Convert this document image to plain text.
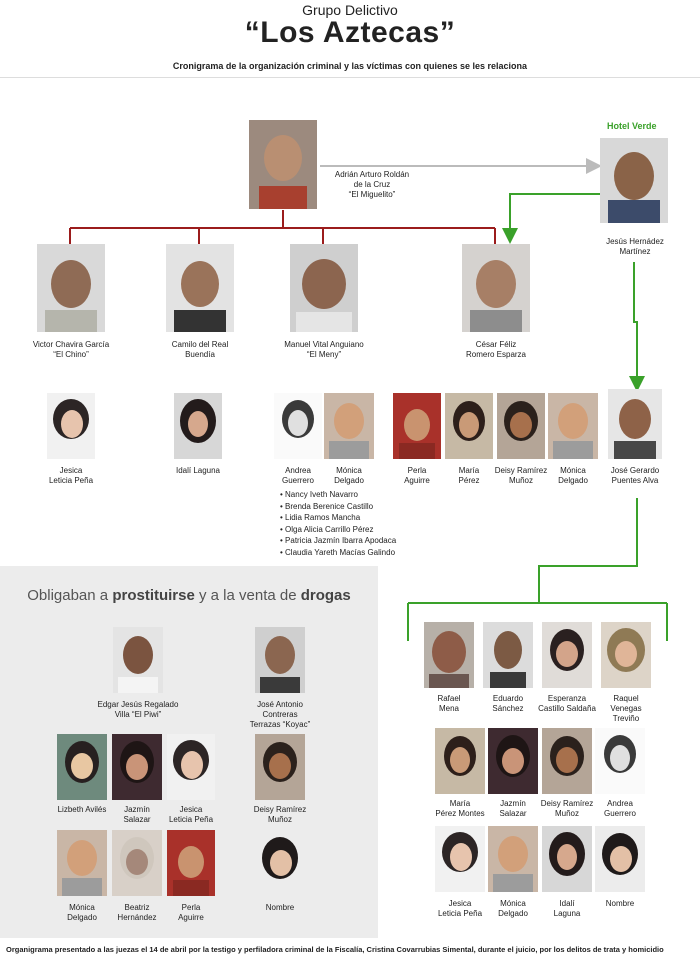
Grupo Delictivo
“Los Aztecas”
Cronigrama de la organización criminal y las víctimas con quienes se les relaciona
Obligaban a prostituirse y a la venta de drogas
Adrián Arturo Roldán
de la Cruz
“El Miguelito”
Hotel Verde
Jesús Hernádez
Martínez
Victor Chavira García
“El Chino”
Camilo del Real
Buendía
Manuel Vital Anguiano
“El Meny”
César Féliz
Romero Esparza
Jesica
Leticia Peña
Idalí Laguna	Andrea
Guerrero
Mónica
Delgado
Perla
Aguirre
María
Pérez
Deisy Ramírez
Muñoz
Mónica
Delgado
José Gerardo
Puentes Alva
• Nancy Iveth Navarro
• Brenda Berenice Castillo
• Lidia Ramos Mancha
• Olga Alicia Carrillo Pérez
• Patricia Jazmín Ibarra Apodaca
• Claudia Yareth Macías Galindo
Edgar Jesús Regalado
Villa “El Piwi”
José Antonio
Contreras
Terrazas “Koyac”
Lizbeth Avilés	Jazmín
Salazar
Jesica
Leticia Peña
Deisy Ramírez
Muñoz
Mónica
Delgado
Beatriz
Hernández
Perla
Aguirre
Nombre
Rafael
Mena
Eduardo
Sánchez
Esperanza
Castillo Saldaña
Raquel
Venegas
Treviño
María
Pérez Montes
Jazmín
Salazar
Deisy Ramírez
Muñoz
Andrea
Guerrero
Jesica
Leticia Peña
Mónica
Delgado
Idalí
Laguna
Nombre
Organigrama presentado a las juezas el 14 de abril por la testigo y perfiladora criminal de la Fiscalía, Cristina Covarrubias Simental, durante el juicio, por los delitos de trata y homicidio
